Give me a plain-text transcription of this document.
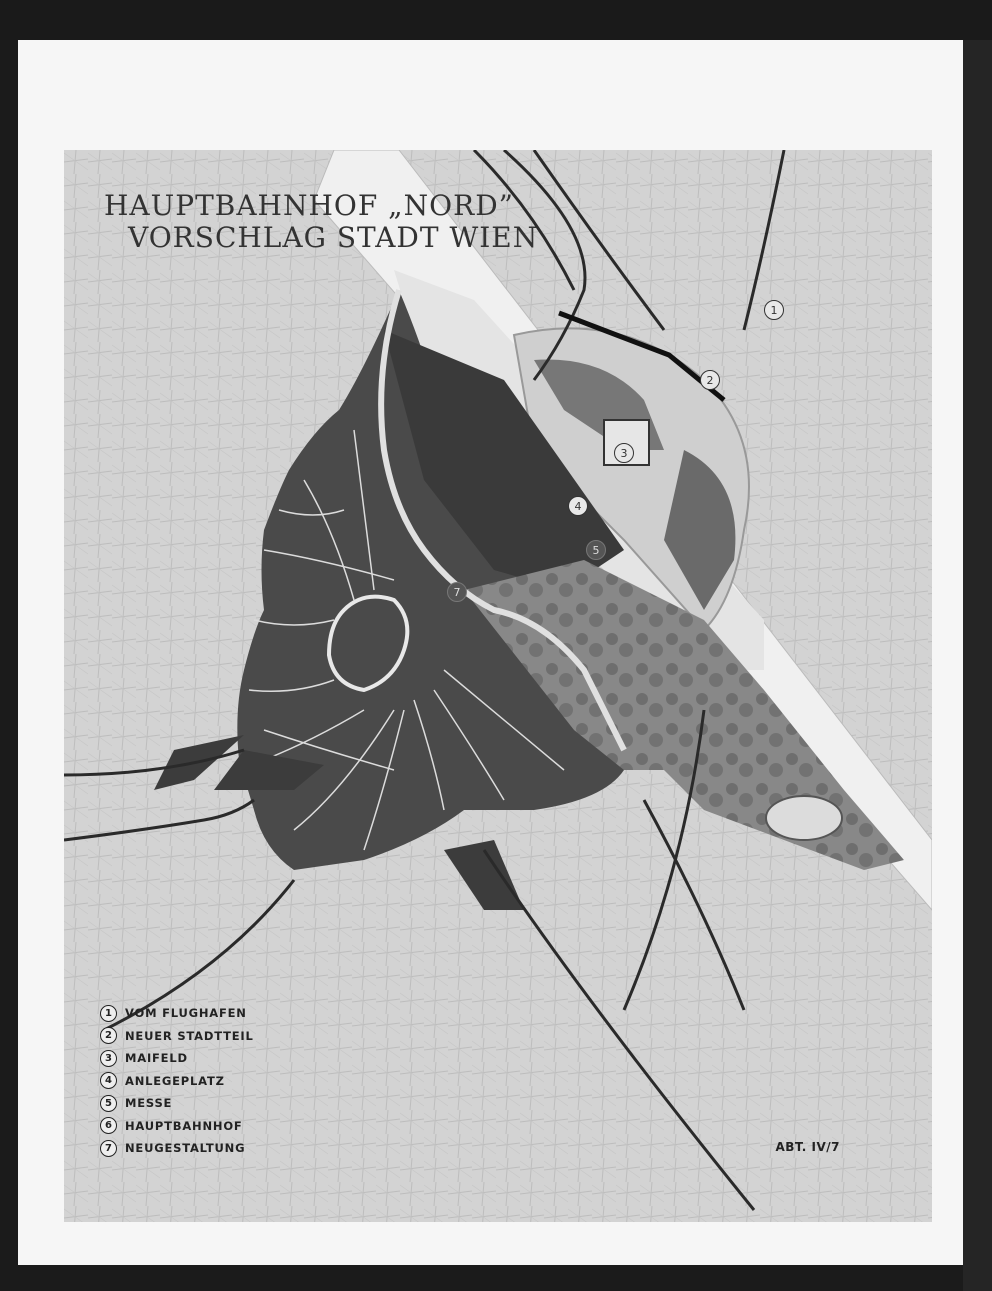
HAUPTBAHNHOF „NORD”
VORSCHLAG STADT WIEN
1
2
3
4
5
7
1	VOM FLUGHAFEN
2	NEUER STADTTEIL
3	MAIFELD
4	ANLEGEPLATZ
5	MESSE
6	HAUPTBAHNHOF
7	NEUGESTALTUNG	ABT. IV/7
